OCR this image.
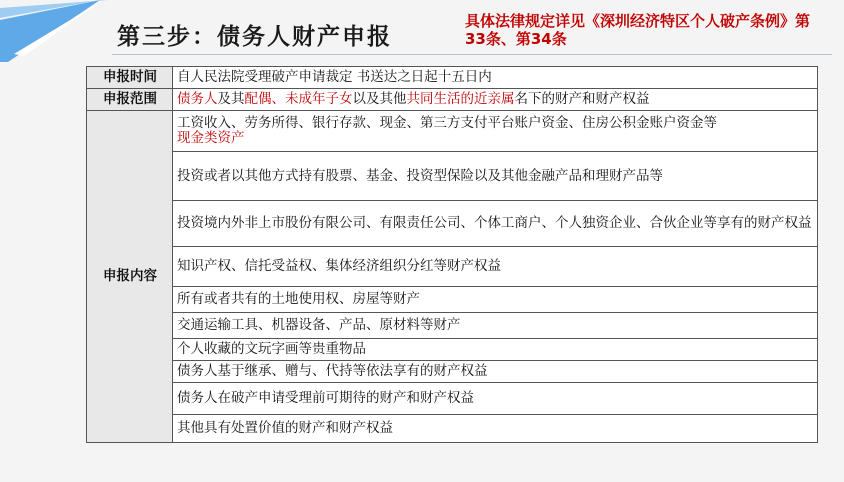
第三步：债务人财产申报
具体法律规定详见《深圳经济特区个人破产条例》第33条、第34条
申报时间	自人民法院受理破产申请裁定 书送达之日起十五日内
申报范围	债务人及其配偶、未成年子女以及其他共同生活的近亲属名下的财产和财产权益
申报内容	工资收入、劳务所得、银行存款、现金、第三方支付平台账户资金、住房公积金账户资金等
现金类资产

	投资或者以其他方式持有股票、基金、投资型保险以及其他金融产品和理财产品等
	投资境内外非上市股份有限公司、有限责任公司、个体工商户、个人独资企业、合伙企业等享有的财产权益
	知识产权、信托受益权、集体经济组织分红等财产权益
	所有或者共有的土地使用权、房屋等财产
	交通运输工具、机器设备、产品、原材料等财产
	个人收藏的文玩字画等贵重物品
	债务人基于继承、赠与、代持等依法享有的财产权益
	债务人在破产申请受理前可期待的财产和财产权益
	其他具有处置价值的财产和财产权益
